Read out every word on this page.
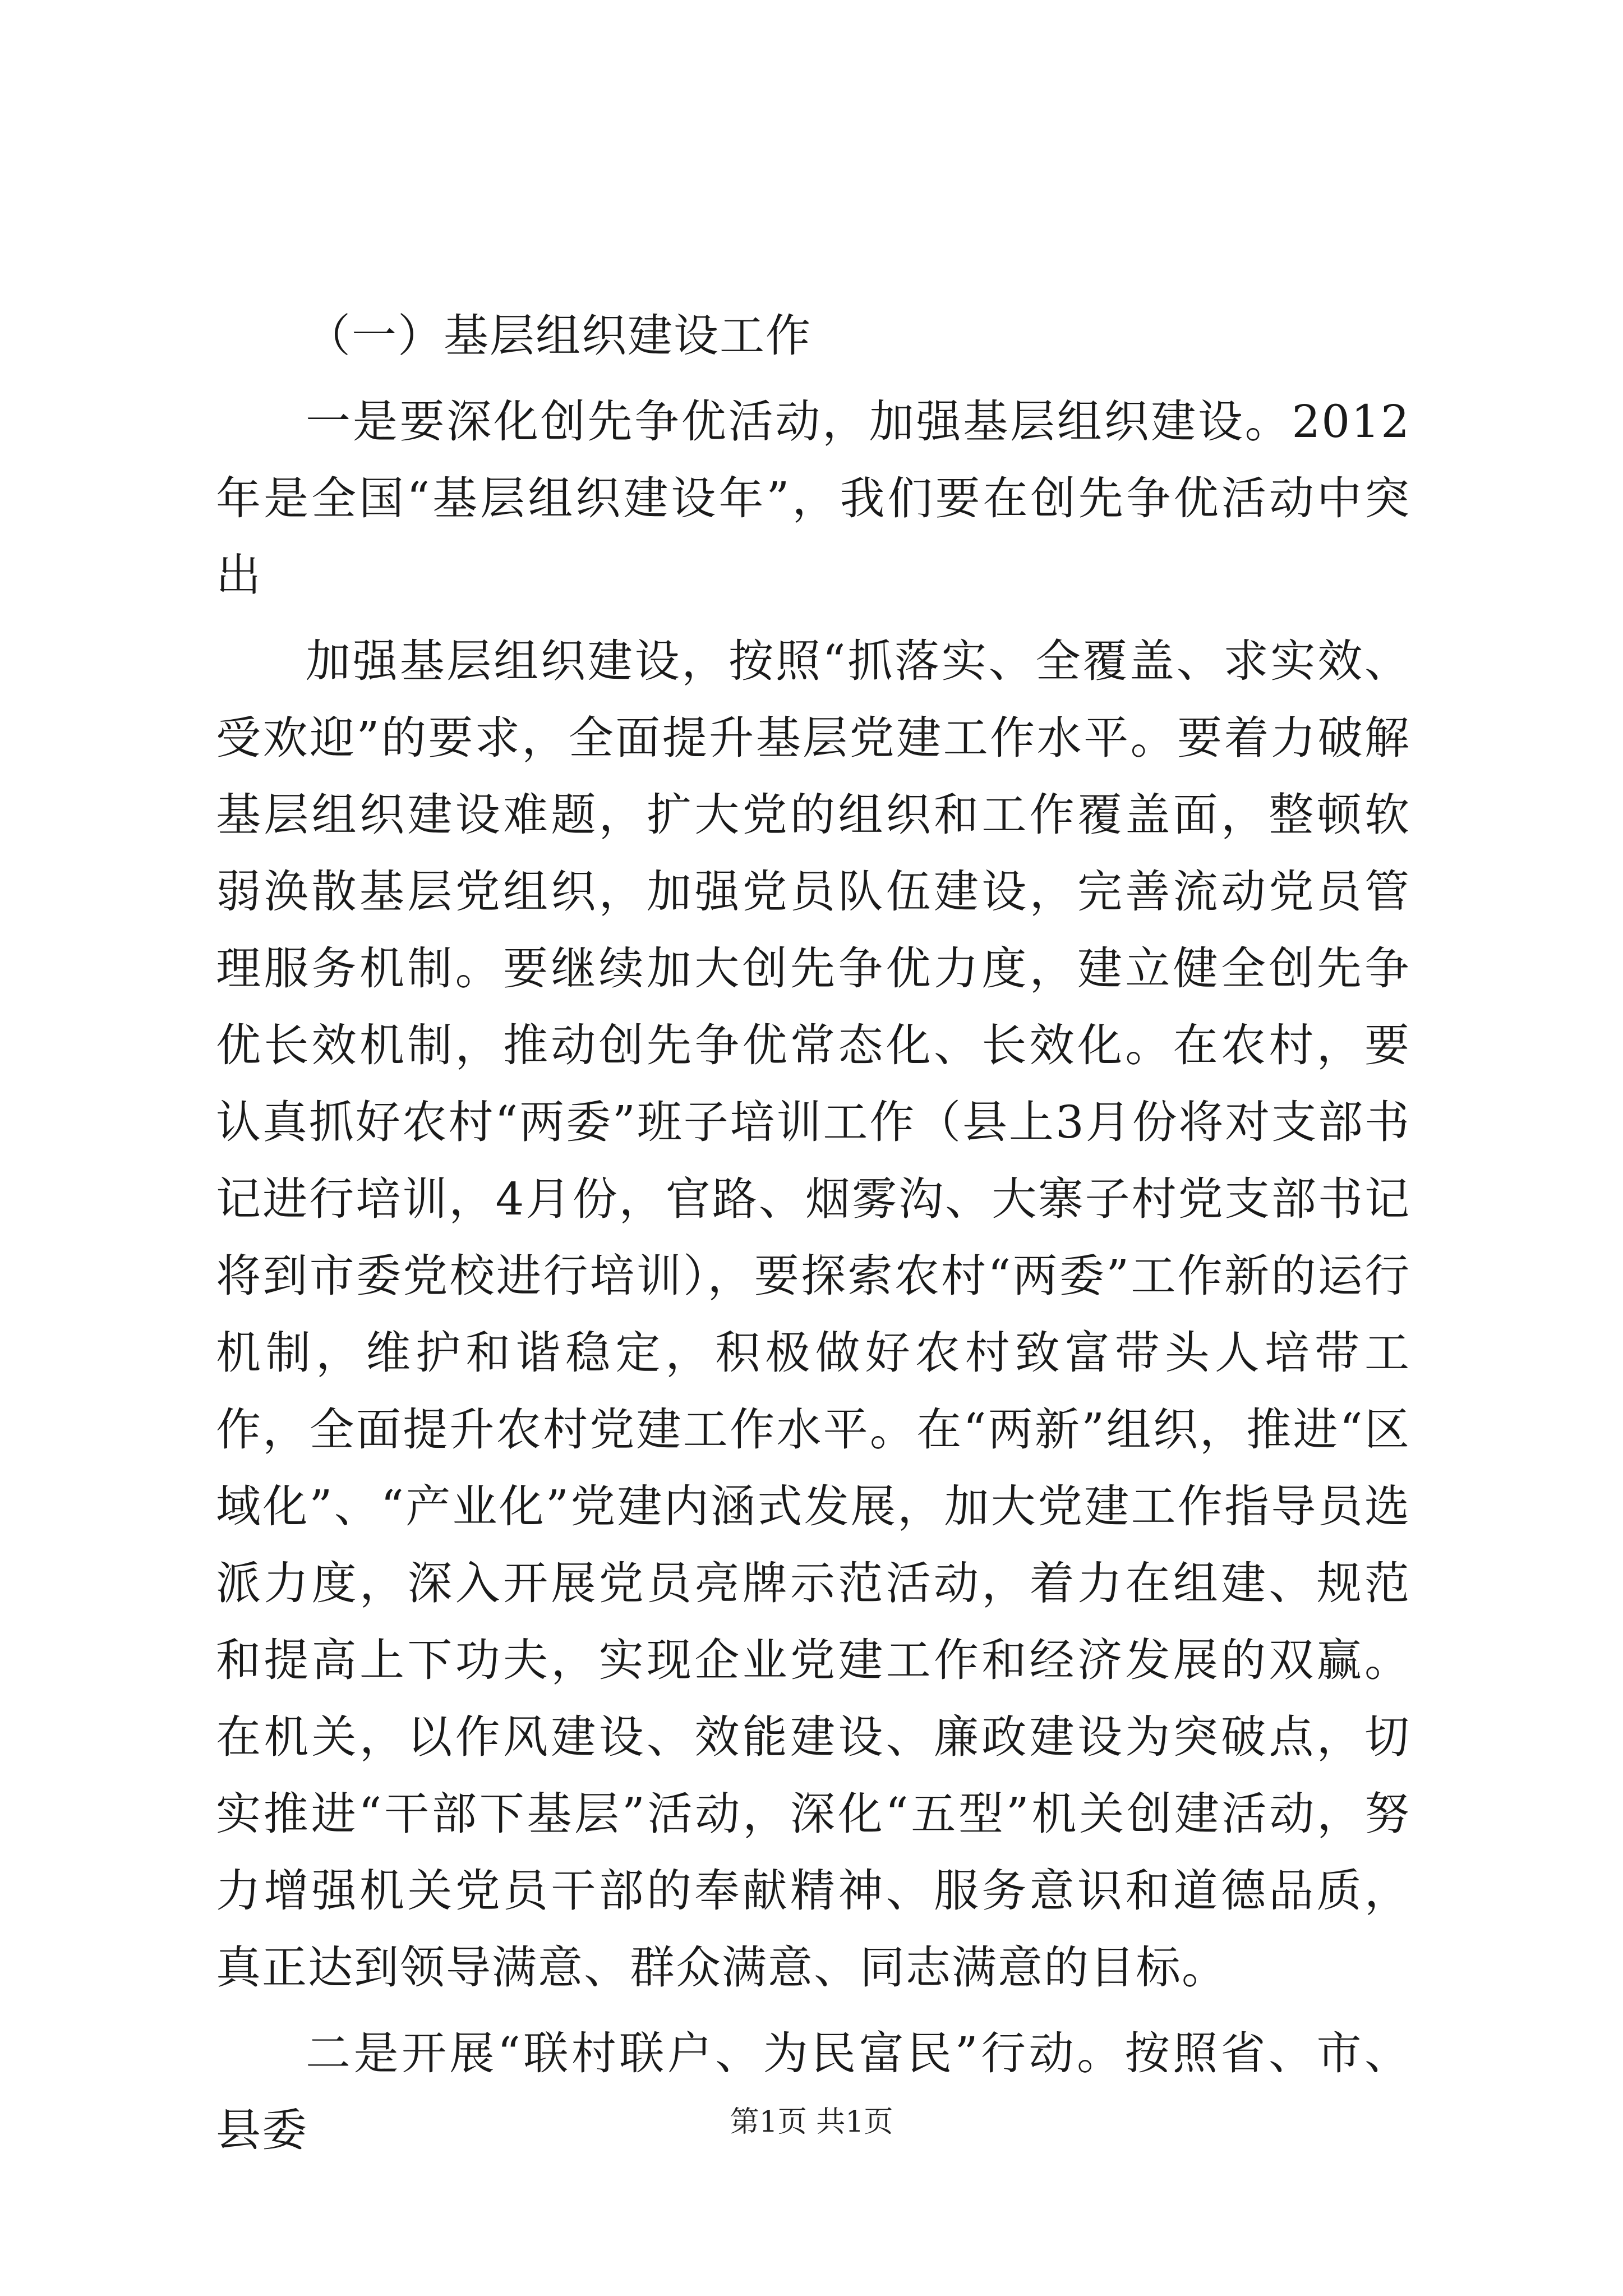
（一）基层组织建设工作

一是要深化创先争优活动，加强基层组织建设。2012年是全国“基层组织建设年”，我们要在创先争优活动中突出

加强基层组织建设，按照“抓落实、全覆盖、求实效、受欢迎”的要求，全面提升基层党建工作水平。要着力破解基层组织建设难题，扩大党的组织和工作覆盖面，整顿软弱涣散基层党组织，加强党员队伍建设，完善流动党员管理服务机制。要继续加大创先争优力度，建立健全创先争优长效机制，推动创先争优常态化、长效化。在农村，要认真抓好农村“两委”班子培训工作（县上3月份将对支部书记进行培训，4月份，官路、烟雾沟、大寨子村党支部书记将到市委党校进行培训），要探索农村“两委”工作新的运行机制，维护和谐稳定，积极做好农村致富带头人培带工作，全面提升农村党建工作水平。在“两新”组织，推进“区域化”、“产业化”党建内涵式发展，加大党建工作指导员选派力度，深入开展党员亮牌示范活动，着力在组建、规范和提高上下功夫，实现企业党建工作和经济发展的双赢。在机关，以作风建设、效能建设、廉政建设为突破点，切实推进“干部下基层”活动，深化“五型”机关创建活动，努力增强机关党员干部的奉献精神、服务意识和道德品质，真正达到领导满意、群众满意、同志满意的目标。

二是开展“联村联户、为民富民”行动。按照省、市、县委	第1页 共1页
